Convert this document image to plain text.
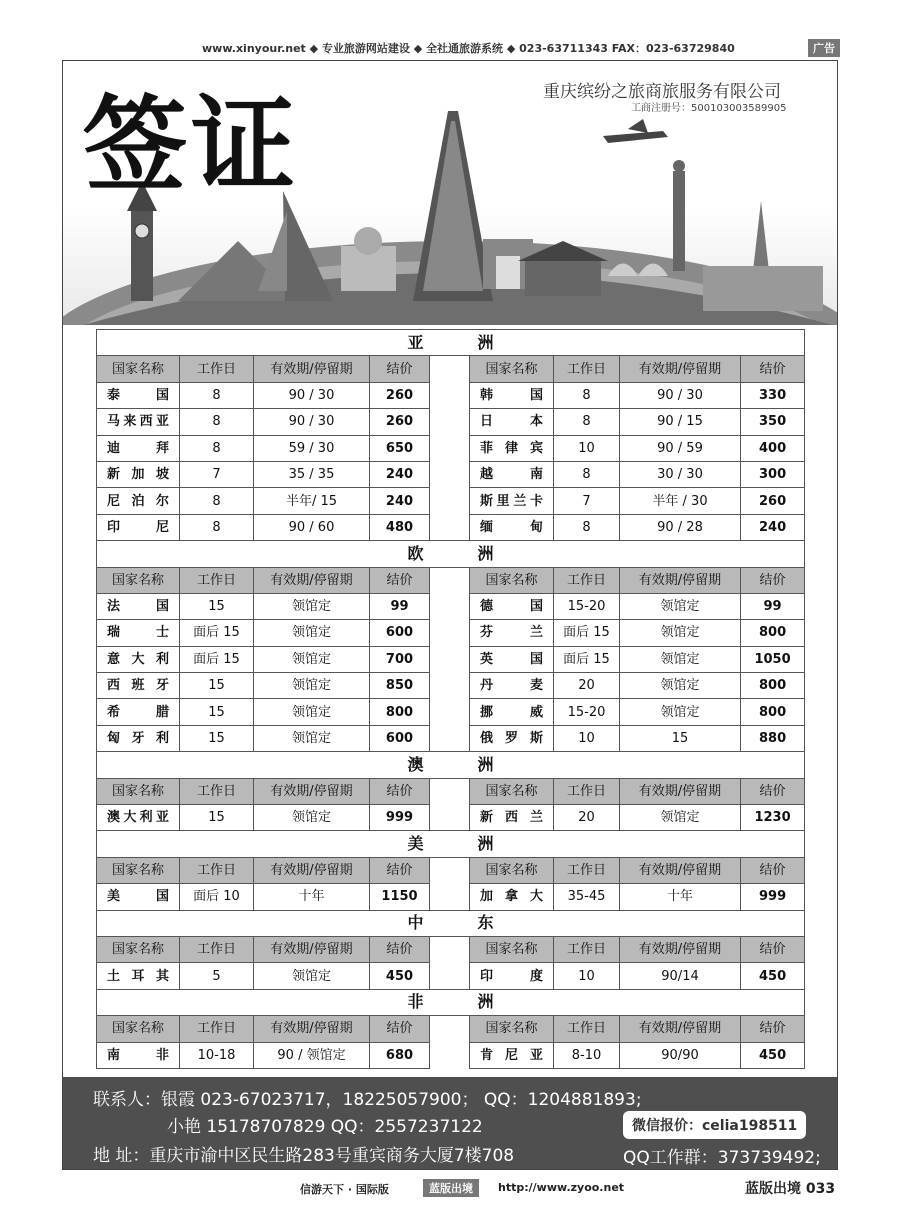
www.xinyour.net ◆ 专业旅游网站建设 ◆ 全社通旅游系统 ◆ 023-63711343 FAX：023-63729840	广告
签证	重庆缤纷之旅商旅服务有限公司
工商注册号：500103003589905
亚洲								
国家名称	工作日	有效期/停留期	结价		国家名称	工作日	有效期/停留期	结价
泰国	8	90 / 30	260		韩国	8	90 / 30	330
马来西亚	8	90 / 30	260		日本	8	90 / 15	350
迪拜	8	59 / 30	650		菲律宾	10	90 / 59	400
新加坡	7	35 / 35	240		越南	8	30 / 30	300
尼泊尔	8	半年/ 15	240		斯里兰卡	7	半年 / 30	260
印尼	8	90 / 60	480		缅甸	8	90 / 28	240
欧洲								
国家名称	工作日	有效期/停留期	结价		国家名称	工作日	有效期/停留期	结价
法国	15	领馆定	99		德国	15-20	领馆定	99
瑞士	面后 15	领馆定	600		芬兰	面后 15	领馆定	800
意大利	面后 15	领馆定	700		英国	面后 15	领馆定	1050
西班牙	15	领馆定	850		丹麦	20	领馆定	800
希腊	15	领馆定	800		挪威	15-20	领馆定	800
匈牙利	15	领馆定	600		俄罗斯	10	15	880
澳洲								
国家名称	工作日	有效期/停留期	结价		国家名称	工作日	有效期/停留期	结价
澳大利亚	15	领馆定	999		新西兰	20	领馆定	1230
美洲								
国家名称	工作日	有效期/停留期	结价		国家名称	工作日	有效期/停留期	结价
美国	面后 10	十年	1150		加拿大	35-45	十年	999
中东								
国家名称	工作日	有效期/停留期	结价		国家名称	工作日	有效期/停留期	结价
土耳其	5	领馆定	450		印度	10	90/14	450
非洲								
国家名称	工作日	有效期/停留期	结价		国家名称	工作日	有效期/停留期	结价
南非	10-18	90 / 领馆定	680		肯尼亚	8-10	90/90	450
联系人：银霞 023-67023717，18225057900； QQ：1204881893;
小艳 15178707829 QQ：2557237122
地 址：重庆市渝中区民生路283号重宾商务大厦7楼708
微信报价：celia198511
QQ工作群：373739492;
信游天下 · 国际版	蓝版出境	http://www.zyoo.net	蓝版出境 033
